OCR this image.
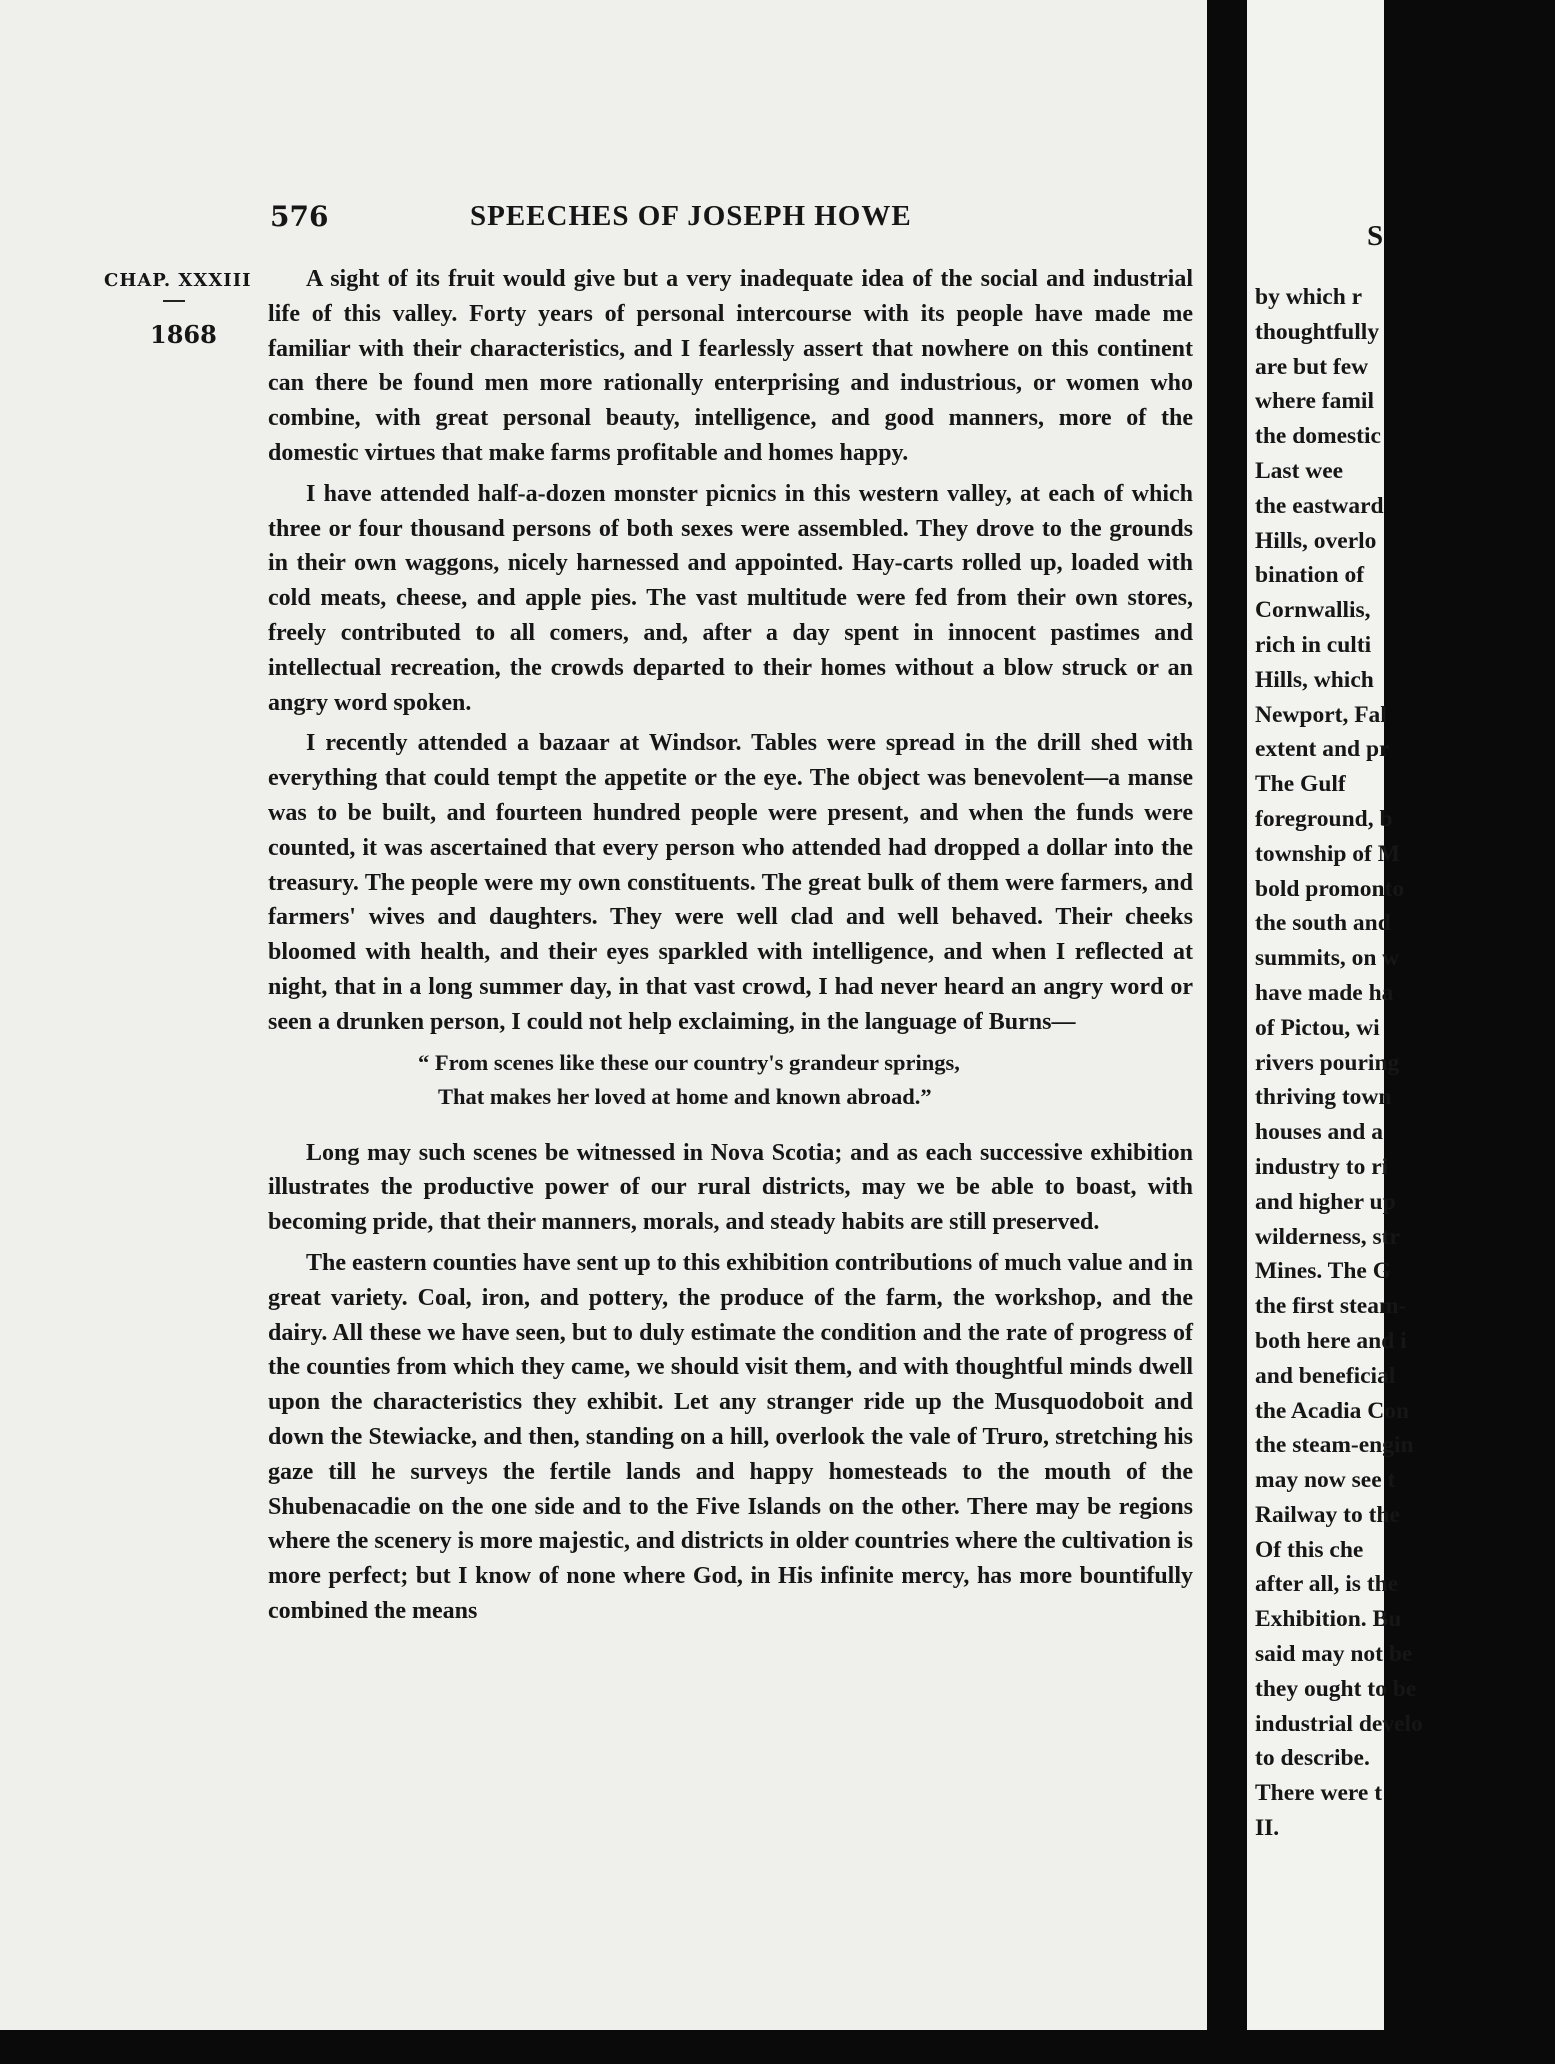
576	SPEECHES OF JOSEPH HOWE
CHAP. XXXIII
1868

A sight of its fruit would give but a very inadequate idea of the social and industrial life of this valley. Forty years of personal intercourse with its people have made me familiar with their characteristics, and I fearlessly assert that nowhere on this continent can there be found men more rationally enterprising and industrious, or women who combine, with great personal beauty, intelligence, and good manners, more of the domestic virtues that make farms profitable and homes happy.

I have attended half-a-dozen monster picnics in this western valley, at each of which three or four thousand persons of both sexes were assembled. They drove to the grounds in their own waggons, nicely harnessed and appointed. Hay-carts rolled up, loaded with cold meats, cheese, and apple pies. The vast multitude were fed from their own stores, freely contributed to all comers, and, after a day spent in innocent pastimes and intellectual recreation, the crowds departed to their homes without a blow struck or an angry word spoken.

I recently attended a bazaar at Windsor. Tables were spread in the drill shed with everything that could tempt the appetite or the eye. The object was benevolent—a manse was to be built, and fourteen hundred people were present, and when the funds were counted, it was ascertained that every person who attended had dropped a dollar into the treasury. The people were my own constituents. The great bulk of them were farmers, and farmers' wives and daughters. They were well clad and well behaved. Their cheeks bloomed with health, and their eyes sparkled with intelligence, and when I reflected at night, that in a long summer day, in that vast crowd, I had never heard an angry word or seen a drunken person, I could not help exclaiming, in the language of Burns—

“ From scenes like these our country's grandeur springs,
That makes her loved at home and known abroad.”

Long may such scenes be witnessed in Nova Scotia; and as each successive exhibition illustrates the productive power of our rural districts, may we be able to boast, with becoming pride, that their manners, morals, and steady habits are still preserved.

The eastern counties have sent up to this exhibition contributions of much value and in great variety. Coal, iron, and pottery, the produce of the farm, the workshop, and the dairy. All these we have seen, but to duly estimate the condition and the rate of progress of the counties from which they came, we should visit them, and with thoughtful minds dwell upon the characteristics they exhibit. Let any stranger ride up the Musquodoboit and down the Stewiacke, and then, standing on a hill, overlook the vale of Truro, stretching his gaze till he surveys the fertile lands and happy homesteads to the mouth of the Shubenacadie on the one side and to the Five Islands on the other. There may be regions where the scenery is more majestic, and districts in older countries where the cultivation is more perfect; but I know of none where God, in His infinite mercy, has more bountifully combined the means

S
by which r
thoughtfully
are but few
where famil
the domestic
Last wee
the eastward
Hills, overlo
bination of
Cornwallis,
rich in culti
Hills, which
Newport, Fal
extent and pr
The Gulf
foreground, b
township of M
bold promonto
the south and
summits, on w
have made ha
of Pictou, wi
rivers pouring
thriving town
houses and a
industry to ri
and higher up
wilderness, str
Mines. The G
the first steam-
both here and i
and beneficial
the Acadia Con
the steam-engin
may now see t
Railway to the
Of this che
after all, is the
Exhibition. Bu
said may not be
they ought to be
industrial develo
to describe.
There were t
II.
